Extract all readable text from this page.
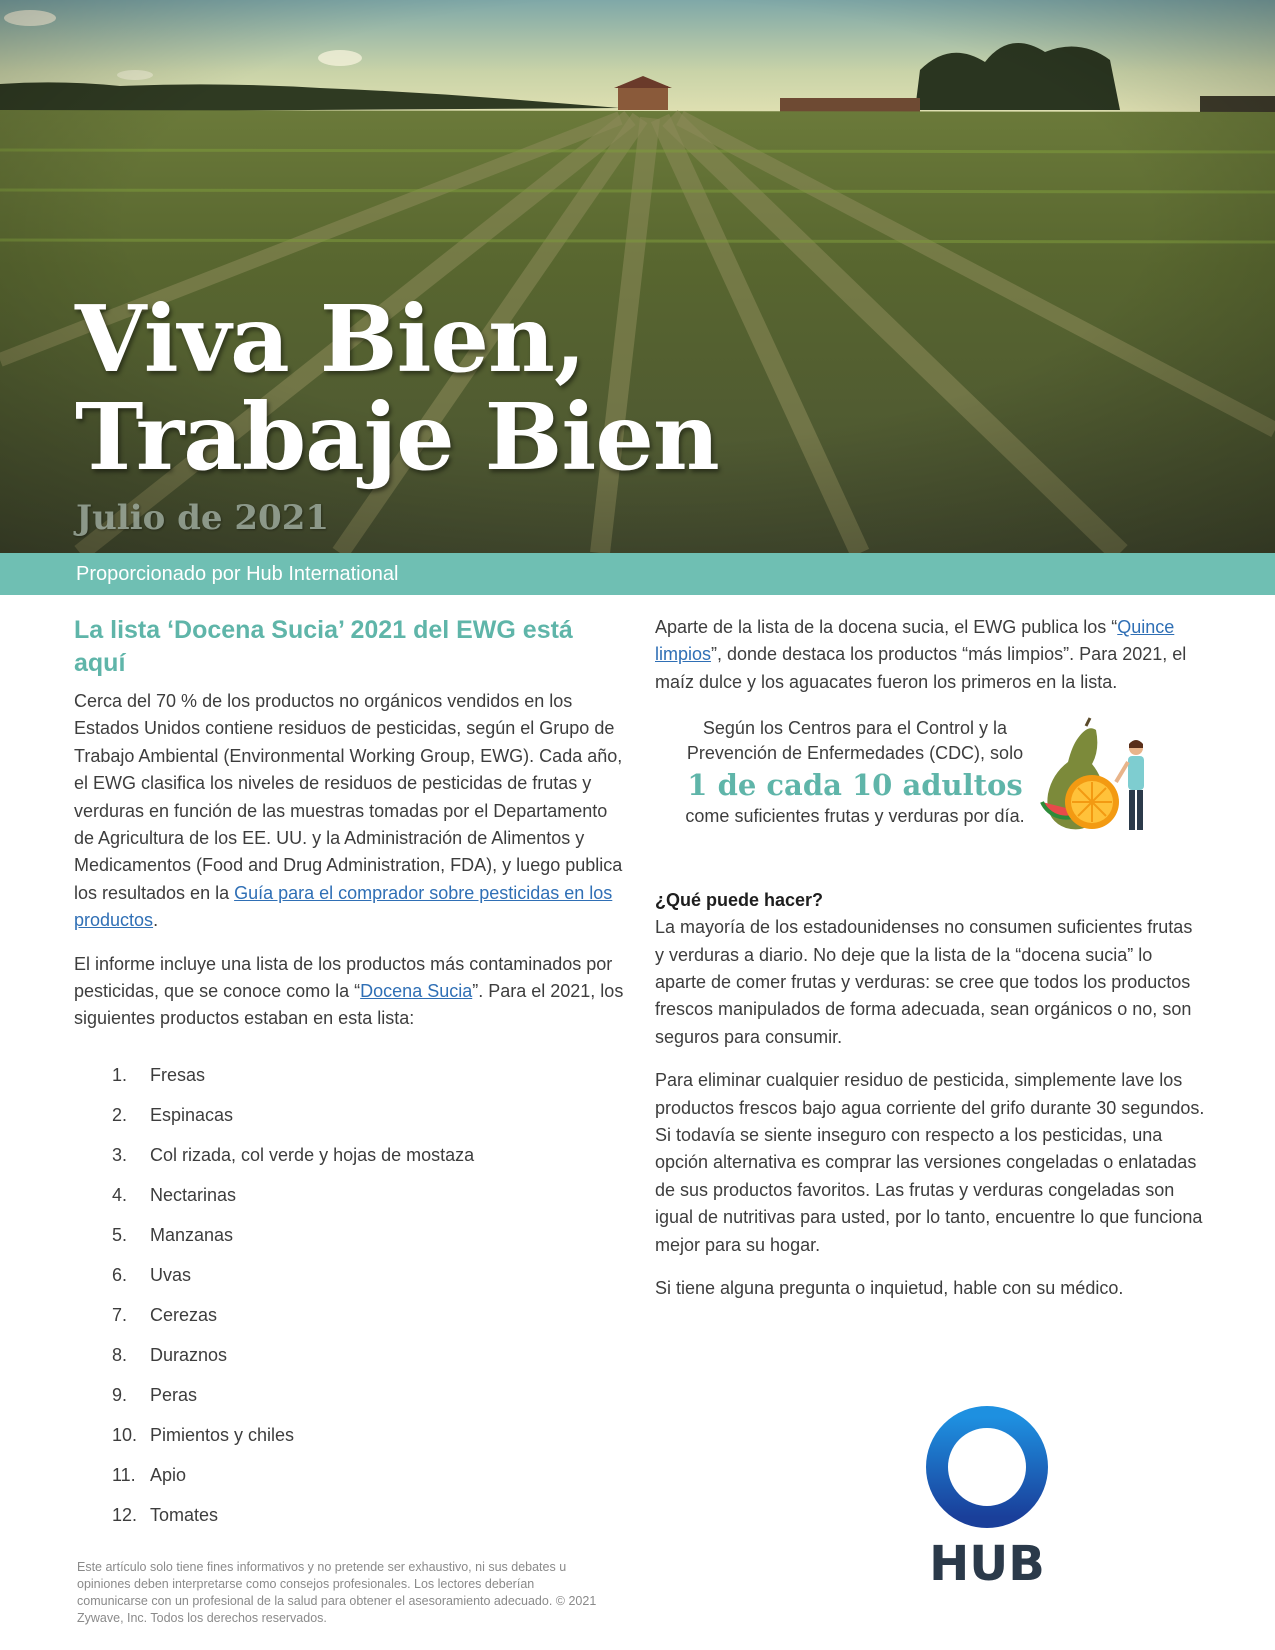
Viva Bien,
Trabaje Bien
Julio de 2021
Proporcionado por Hub International
La lista ‘Docena Sucia’ 2021 del EWG está aquí

Cerca del 70 % de los productos no orgánicos vendidos en los Estados Unidos contiene residuos de pesticidas, según el Grupo de Trabajo Ambiental (Environmental Working Group, EWG). Cada año, el EWG clasifica los niveles de residuos de pesticidas de frutas y verduras en función de las muestras tomadas por el Departamento de Agricultura de los EE. UU. y la Administración de Alimentos y Medicamentos (Food and Drug Administration, FDA), y luego publica los resultados en la Guía para el comprador sobre pesticidas en los productos.

El informe incluye una lista de los productos más contaminados por pesticidas, que se conoce como la “Docena Sucia”. Para el 2021, los siguientes productos estaban en esta lista:

1.	Fresas
2.	Espinacas
3.	Col rizada, col verde y hojas de mostaza
4.	Nectarinas
5.	Manzanas
6.	Uvas
7.	Cerezas
8.	Duraznos
9.	Peras
10. Pimientos y chiles
11. Apio
12. Tomates

Aparte de la lista de la docena sucia, el EWG publica los “Quince limpios”, donde destaca los productos “más limpios”. Para 2021, el maíz dulce y los aguacates fueron los primeros en la lista.

Según los Centros para el Control y la Prevención de Enfermedades (CDC), solo
1 de cada 10 adultos
come suficientes frutas y verduras por día.
¿Qué puede hacer?

La mayoría de los estadounidenses no consumen suficientes frutas y verduras a diario. No deje que la lista de la “docena sucia” lo aparte de comer frutas y verduras: se cree que todos los productos frescos manipulados de forma adecuada, sean orgánicos o no, son seguros para consumir.

Para eliminar cualquier residuo de pesticida, simplemente lave los productos frescos bajo agua corriente del grifo durante 30 segundos. Si todavía se siente inseguro con respecto a los pesticidas, una opción alternativa es comprar las versiones congeladas o enlatadas de sus productos favoritos. Las frutas y verduras congeladas son igual de nutritivas para usted, por lo tanto, encuentre lo que funciona mejor para su hogar.

Si tiene alguna pregunta o inquietud, hable con su médico.

Este artículo solo tiene fines informativos y no pretende ser exhaustivo, ni sus debates u opiniones deben interpretarse como consejos profesionales. Los lectores deberían comunicarse con un profesional de la salud para obtener el asesoramiento adecuado. © 2021 Zywave, Inc. Todos los derechos reservados.
HUB
